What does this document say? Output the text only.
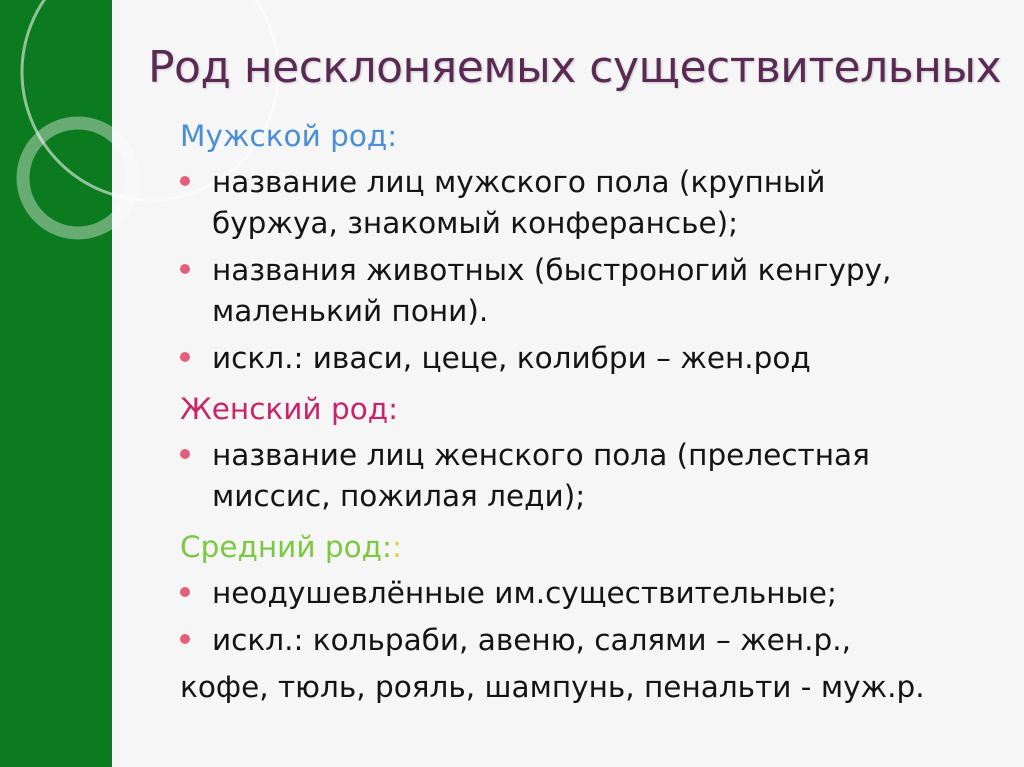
Род несклоняемых существительных
Мужской род:
название лиц мужского пола (крупный
буржуа, знакомый конферансье);
названия животных (быстроногий кенгуру,
маленький пони).
искл.: иваси, цеце, колибри – жен.род
Женский род:
название лиц женского пола (прелестная
миссис, пожилая леди);
Средний род: :
неодушевлённые им.существительные;
искл.: кольраби, авеню, салями – жен.р.,
кофе, тюль, рояль, шампунь, пенальти - муж.р.
